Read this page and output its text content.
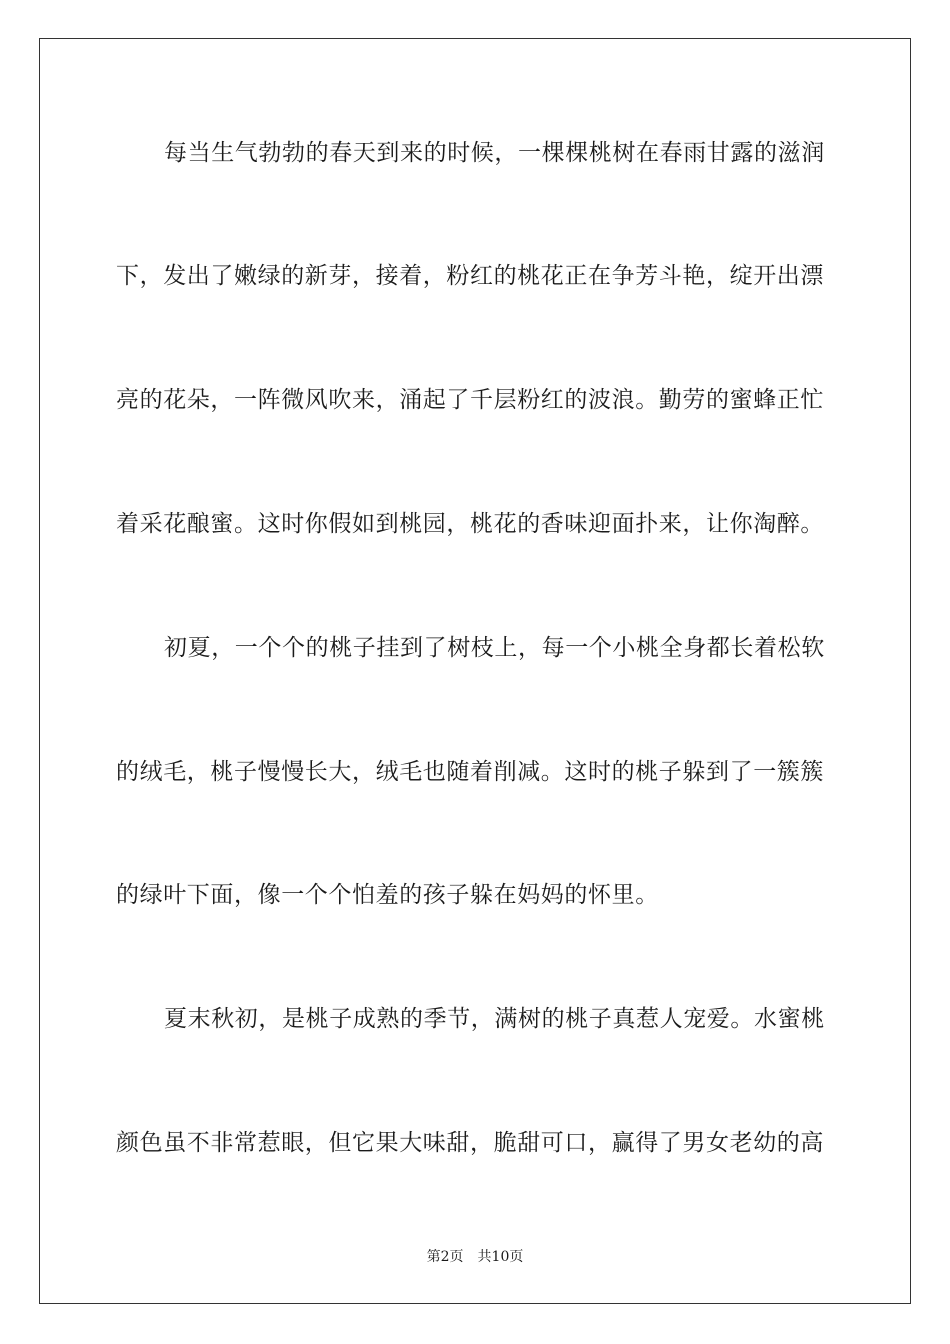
每当生气勃勃的春天到来的时候，一棵棵桃树在春雨甘露的滋润
下，发出了嫩绿的新芽，接着，粉红的桃花正在争芳斗艳，绽开出漂
亮的花朵，一阵微风吹来，涌起了千层粉红的波浪。勤劳的蜜蜂正忙
着采花酿蜜。这时你假如到桃园，桃花的香味迎面扑来，让你淘醉。
初夏，一个个的桃子挂到了树枝上，每一个小桃全身都长着松软
的绒毛，桃子慢慢长大，绒毛也随着削减。这时的桃子躲到了一簇簇
的绿叶下面，像一个个怕羞的孩子躲在妈妈的怀里。
夏末秋初，是桃子成熟的季节，满树的桃子真惹人宠爱。水蜜桃
颜色虽不非常惹眼，但它果大味甜，脆甜可口，赢得了男女老幼的高
第2页 共10页
